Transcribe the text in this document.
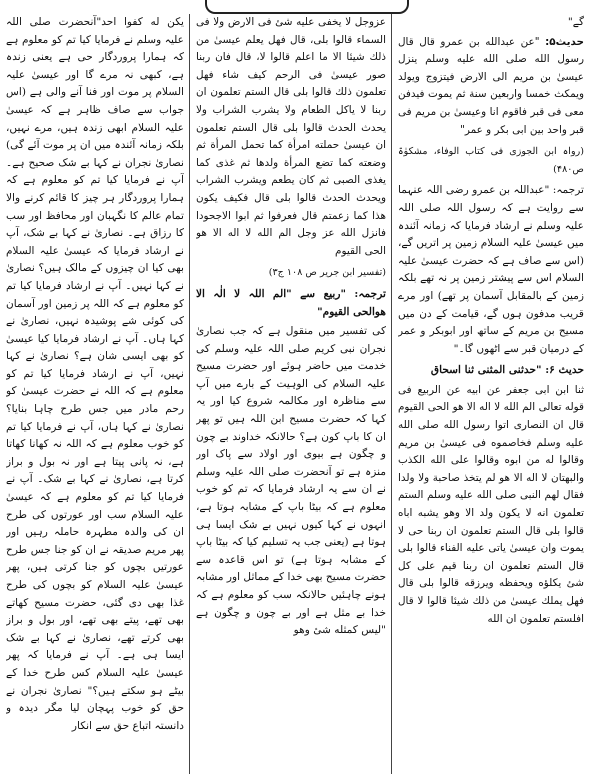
گے"

حدیث۵: "عن عبدالله بن عمرو قال قال رسول الله صلى الله عليه وسلم ينزل عيسىٰ بن مريم الى الارض فيتزوج ويولد ويمكث خمسا واربعين سنة ثم يموت فيدفن معى فى قبر فاقوم انا وعيسىٰ بن مريم فى قبر واحد بين ابى بكر و عمر"

(رواہ ابن الجوزی فی کتاب الوفاء، مشکوٰۃ ص۴۸۰)

ترجمہ: "عبداللہ بن عمرو رضی اللہ عنہما سے روایت ہے کہ رسول اللہ صلی اللہ علیہ وسلم نے ارشاد فرمایا کہ زمانہ آئندہ میں عیسیٰ علیہ السلام زمین پر اتریں گے، (اس سے صاف ہے کہ حضرت عیسیٰ علیہ السلام اس سے پیشتر زمین پر نہ تھے بلکہ زمین کے بالمقابل آسمان پر تھے) اور مرے قریب مدفون ہوں گے، قیامت کے دن میں مسیح بن مریم کے ساتھ اور ابوبکر و عمر کے درمیان قبر سے اٹھوں گا۔"

حدیث ۶: "حدثنى المثنى ثنا اسحاق

ثنا ابن ابى جعفر عن ابيه عن الربيع فى قوله تعالى الم الله لا اله الا هو الحى القيوم قال ان النصارى اتوا رسول الله صلى الله عليه وسلم فخاصموه فى عيسىٰ بن مريم وقالوا له من ابوه وقالوا على الله الكذب والبهتان لا اله الا هو لم يتخذ صاحبة ولا ولدا فقال لهم النبى صلى الله عليه وسلم الستم تعلمون انه لا يكون ولد الا وهو يشبه اباه قالوا بلى قال الستم تعلمون ان ربنا حى لا يموت وان عيسىٰ ياتى عليه الفناء قالوا بلى قال الستم تعلمون ان ربنا قيم على كل شئ يكلؤه ويحفظه ويرزقه قالوا بلى قال فهل يملك عيسىٰ من ذلك شيئا قالوا لا قال افلستم تعلمون ان الله

عزوجل لا يخفى عليه شئ فى الارض ولا فى السماء قالوا بلى، قال فهل يعلم عيسىٰ من ذلك شيئا الا ما اعلم قالوا لا، قال فان ربنا صور عيسىٰ فى الرحم كيف شاء فهل تعلمون ذلك قالوا بلى قال الستم تعلمون ان ربنا لا ياكل الطعام ولا يشرب الشراب ولا يحدث الحدث قالوا بلى قال الستم تعلمون ان عيسىٰ حملته امرأة كما تحمل المرأة ثم وضعته كما تضع المرأة ولدها ثم غذى كما يغذى الصبى ثم كان يطعم ويشرب الشراب ويحدث الحدث قالوا بلى قال فكيف يكون هذا كما زعمتم قال فعرفوا ثم ابوا الاجحودا فانزل الله عز وجل الم الله لا اله الا هو الحى القيوم

(تفسیر ابن جریر ص ۱۰۸ ج۳)

ترجمہ: "ربیع سے "الم اللہ لا الٰہ الا ھوالحی القیوم"

کی تفسیر میں منقول ہے کہ جب نصاریٰ نجران نبی کریم صلی اللہ علیہ وسلم کی خدمت میں حاضر ہوئے اور حضرت مسیح علیہ السلام کی الوہیت کے بارے میں آپ سے مناظرہ اور مکالمہ شروع کیا اور یہ کہا کہ حضرت مسیح ابن اللہ ہیں تو پھر ان کا باپ کون ہے؟ حالانکہ خداوند بے چون و چگون ہے بیوی اور اولاد سے پاک اور منزہ ہے تو آنحضرت صلی اللہ علیہ وسلم نے ان سے یہ ارشاد فرمایا کہ تم کو خوب معلوم ہے کہ بیٹا باپ کے مشابہ ہوتا ہے، انہوں نے کہا کیوں نہیں بے شک ایسا ہی ہوتا ہے (یعنی جب یہ تسلیم کیا کہ بیٹا باپ کے مشابہ ہوتا ہے) تو اس قاعدہ سے حضرت مسیح بھی خدا کے مماثل اور مشابہ ہونے چاہئیں حالانکہ سب کو معلوم ہے کہ خدا بے مثل ہے اور بے چون و چگون ہے "لیس کمثله شئ وهو

یکن له کفوا احد"آنحضرت صلی اللہ علیہ وسلم نے فرمایا کیا تم کو معلوم ہے کہ ہمارا پروردگار حی ہے یعنی زندہ ہے، کبھی نہ مرے گا اور عیسیٰ علیہ السلام پر موت اور فنا آنے والی ہے (اس جواب سے صاف ظاہر ہے کہ عیسیٰ علیہ السلام ابھی زندہ ہیں، مرے نہیں، بلکہ زمانہ آئندہ میں ان پر موت آئے گی) نصاریٰ نجران نے کہا بے شک صحیح ہے۔ آپ نے فرمایا کیا تم کو معلوم ہے کہ ہمارا پروردگار ہر چیز کا قائم کرنے والا تمام عالم کا نگہبان اور محافظ اور سب کا رزاق ہے۔ نصاریٰ نے کہا بے شک، آپ نے ارشاد فرمایا کہ عیسیٰ علیہ السلام بھی کیا ان چیزوں کے مالک ہیں؟ نصاریٰ نے کہا نہیں۔ آپ نے ارشاد فرمایا کیا تم کو معلوم ہے کہ اللہ پر زمین اور آسمان کی کوئی شے پوشیدہ نہیں، نصاریٰ نے کہا ہاں۔ آپ نے ارشاد فرمایا کیا عیسیٰ کو بھی ایسی شان ہے؟ نصاریٰ نے کہا نہیں، آپ نے ارشاد فرمایا کیا تم کو معلوم ہے کہ اللہ نے حضرت عیسیٰ کو رحم مادر میں جس طرح چاہا بنایا؟ نصاریٰ نے کہا ہاں، آپ نے فرمایا کیا تم کو خوب معلوم ہے کہ اللہ نہ کھانا کھاتا ہے، نہ پانی پیتا ہے اور نہ بول و براز کرتا ہے، نصاریٰ نے کہا بے شک۔ آپ نے فرمایا کیا تم کو معلوم ہے کہ عیسیٰ علیہ السلام سب اور عورتوں کی طرح ان کی والدہ مطہرہ حاملہ رہیں اور پھر مریم صدیقہ نے ان کو جنا جس طرح عورتیں بچوں کو جنا کرتی ہیں، پھر عیسیٰ علیہ السلام کو بچوں کی طرح غذا بھی دی گئی، حضرت مسیح کھاتے بھی تھے، پیتے بھی تھے، اور بول و براز بھی کرتے تھے، نصاریٰ نے کہا بے شک ایسا ہی ہے۔ آپ نے فرمایا کہ پھر عیسیٰ علیہ السلام کس طرح خدا کے بیٹے ہو سکتے ہیں؟" نصاریٰ نجران نے حق کو خوب پہچان لیا مگر دیدہ و دانستہ اتباع حق سے انکار
